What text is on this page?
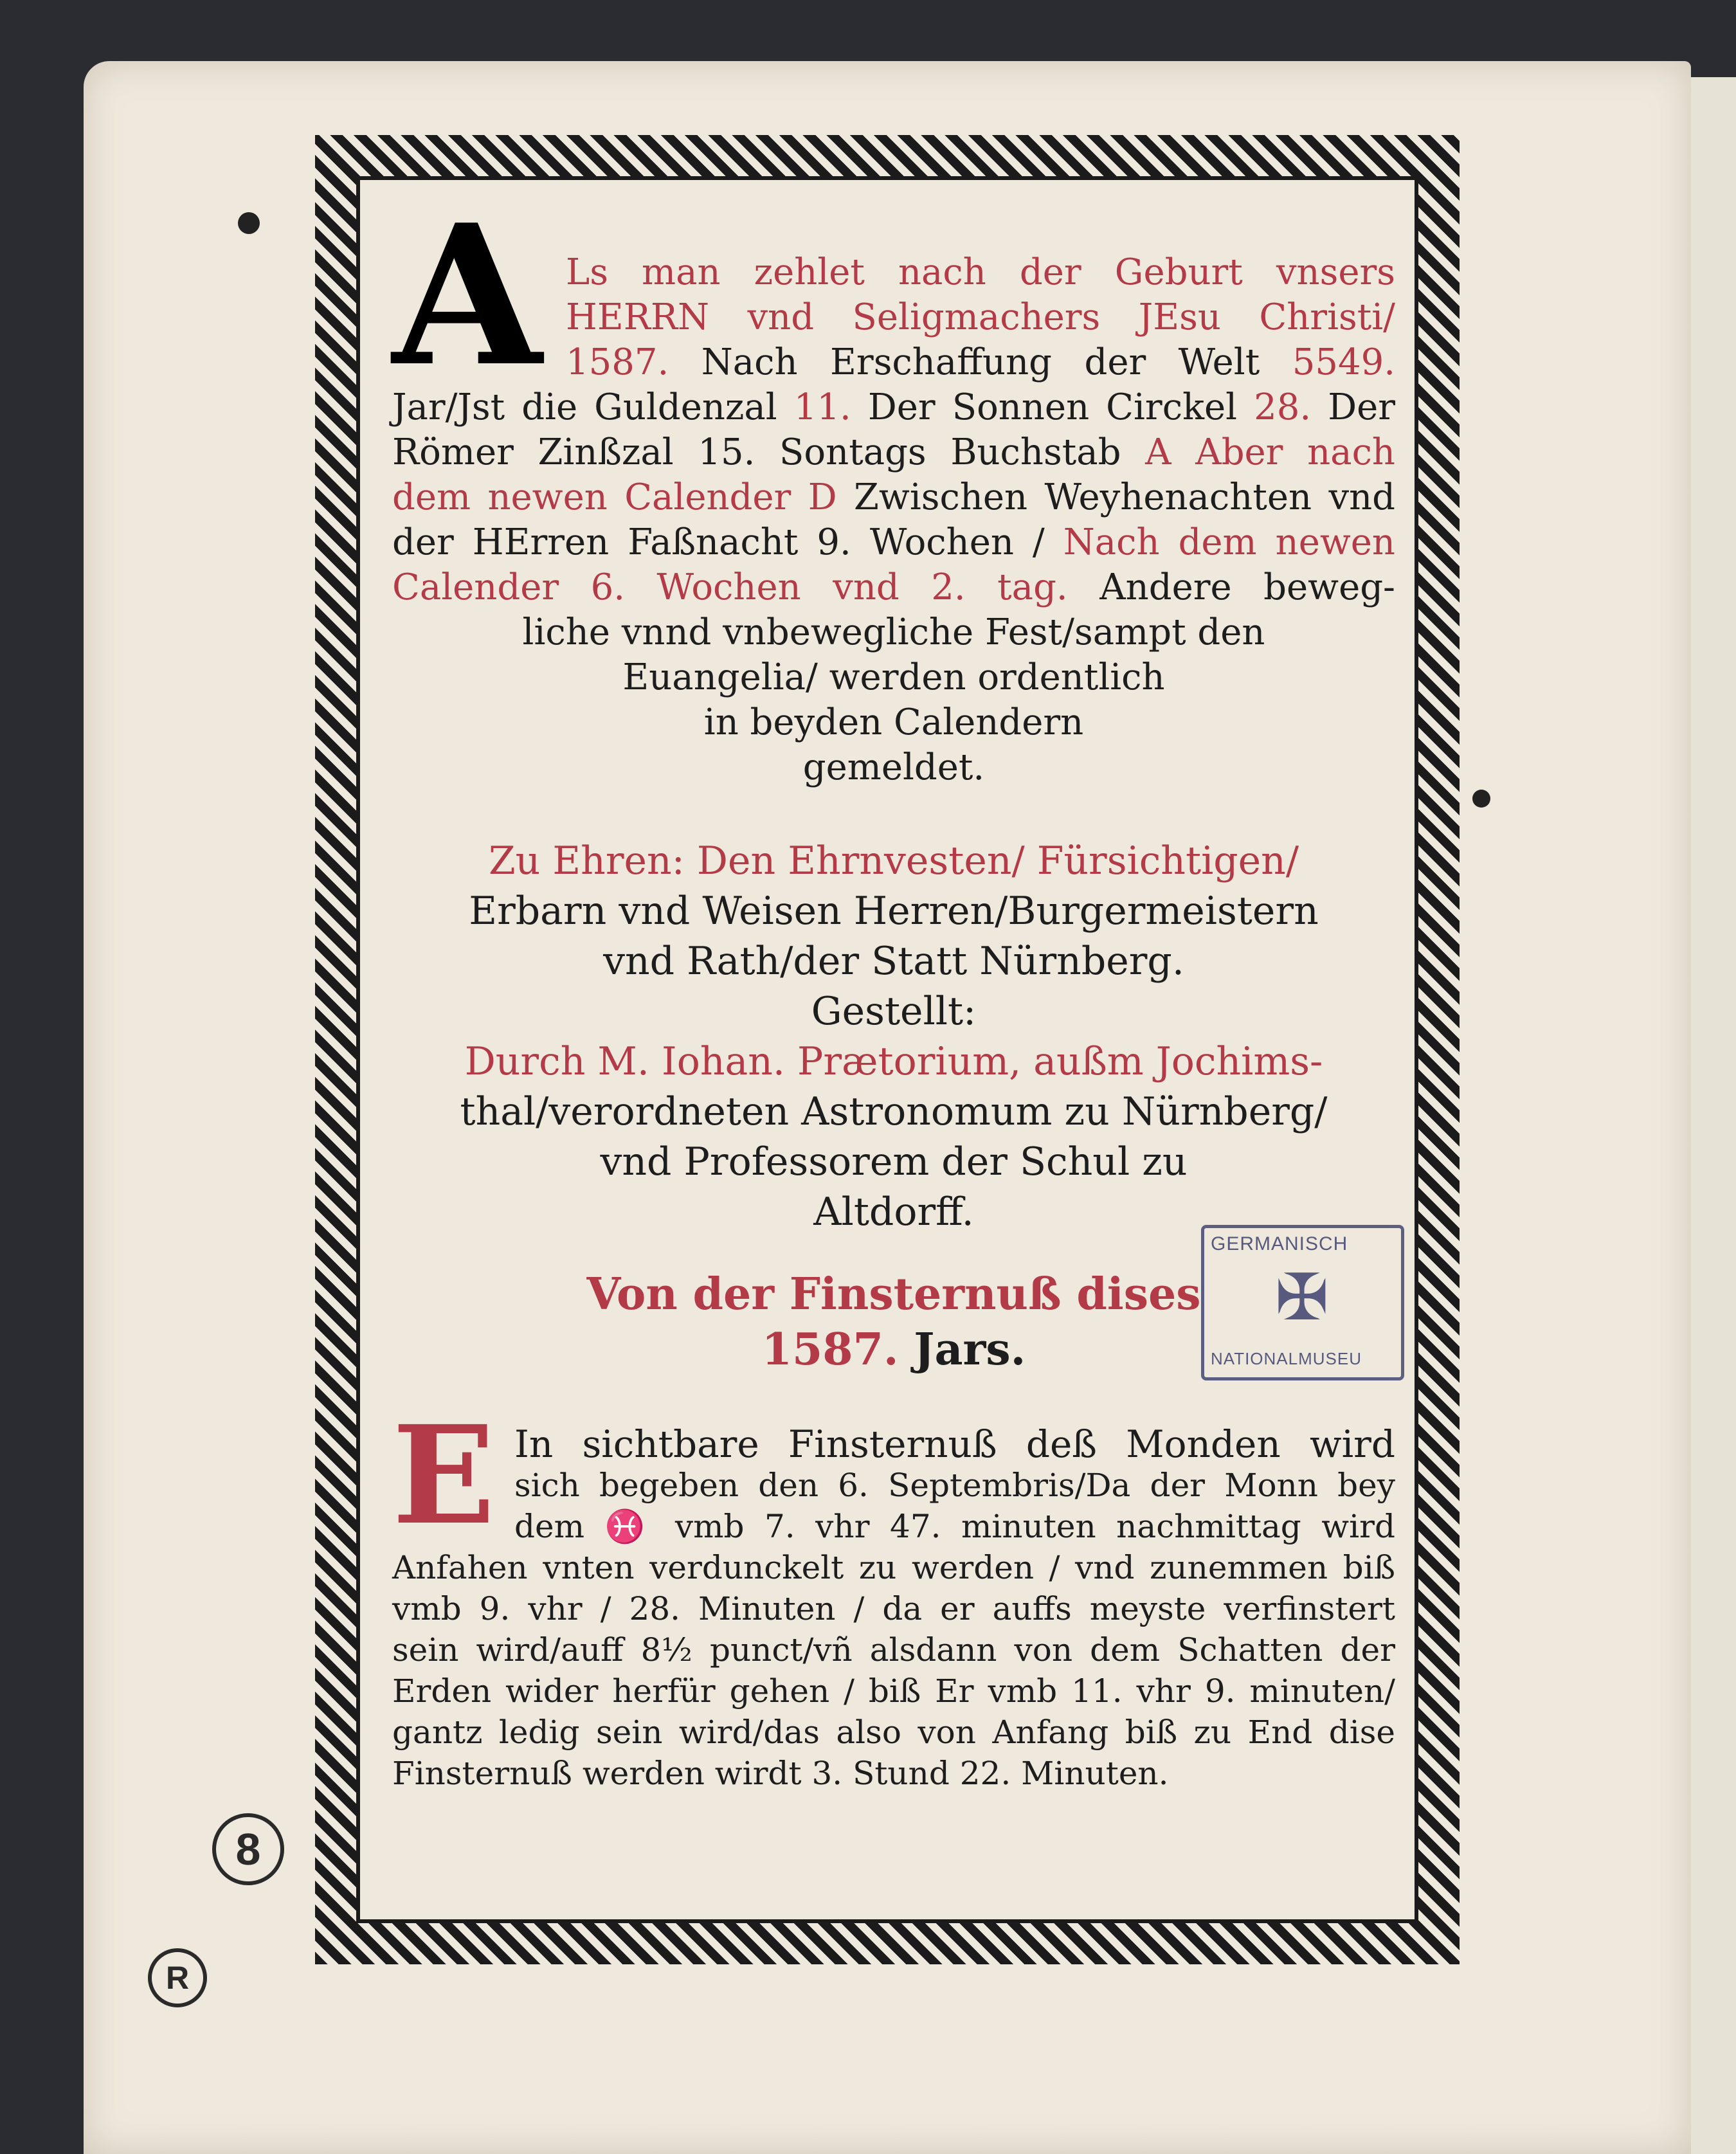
A Ls man zehlet nach der Geburt vnsers
HERRN vnd Seligmachers JEsu Christi/
1587. Nach Erschaffung der Welt 5549.
Jar/Jst die Guldenzal 11. Der Sonnen Circkel 28. Der
Römer Zinßzal 15. Sontags Buchstab A Aber nach
dem newen Calender D Zwischen Weyhenachten vnd
der HErren Faßnacht 9. Wochen / Nach dem newen
Calender 6. Wochen vnd 2. tag. Andere beweg-
liche vnnd vnbewegliche Fest/sampt den
Euangelia/ werden ordentlich
in beyden Calendern
gemeldet.
Zu Ehren: Den Ehrnvesten/ Fürsichtigen/
Erbarn vnd Weisen Herren/Burgermeistern
vnd Rath/der Statt Nürnberg.
Gestellt:
Durch M. Iohan. Prætorium, außm Jochims-
thal/verordneten Astronomum zu Nürnberg/
vnd Professorem der Schul zu
Altdorff.
Von der Finsternuß dises
1587. Jars.
E In sichtbare Finsternuß deß Monden wird
sich begeben den 6. Septembris/Da der Monn bey
dem ♓ vmb 7. vhr 47. minuten nachmittag wird
Anfahen vnten verdunckelt zu werden / vnd zunemmen biß
vmb 9. vhr / 28. Minuten / da er auffs meyste verfinstert
sein wird/auff 8½ punct/vñ alsdann von dem Schatten der
Erden wider herfür gehen / biß Er vmb 11. vhr 9. minuten/
gantz ledig sein wird/das also von Anfang biß zu End dise
Finsternuß werden wirdt 3. Stund 22. Minuten.
GERMANISCH
✠
NATIONALMUSEU
8
R
